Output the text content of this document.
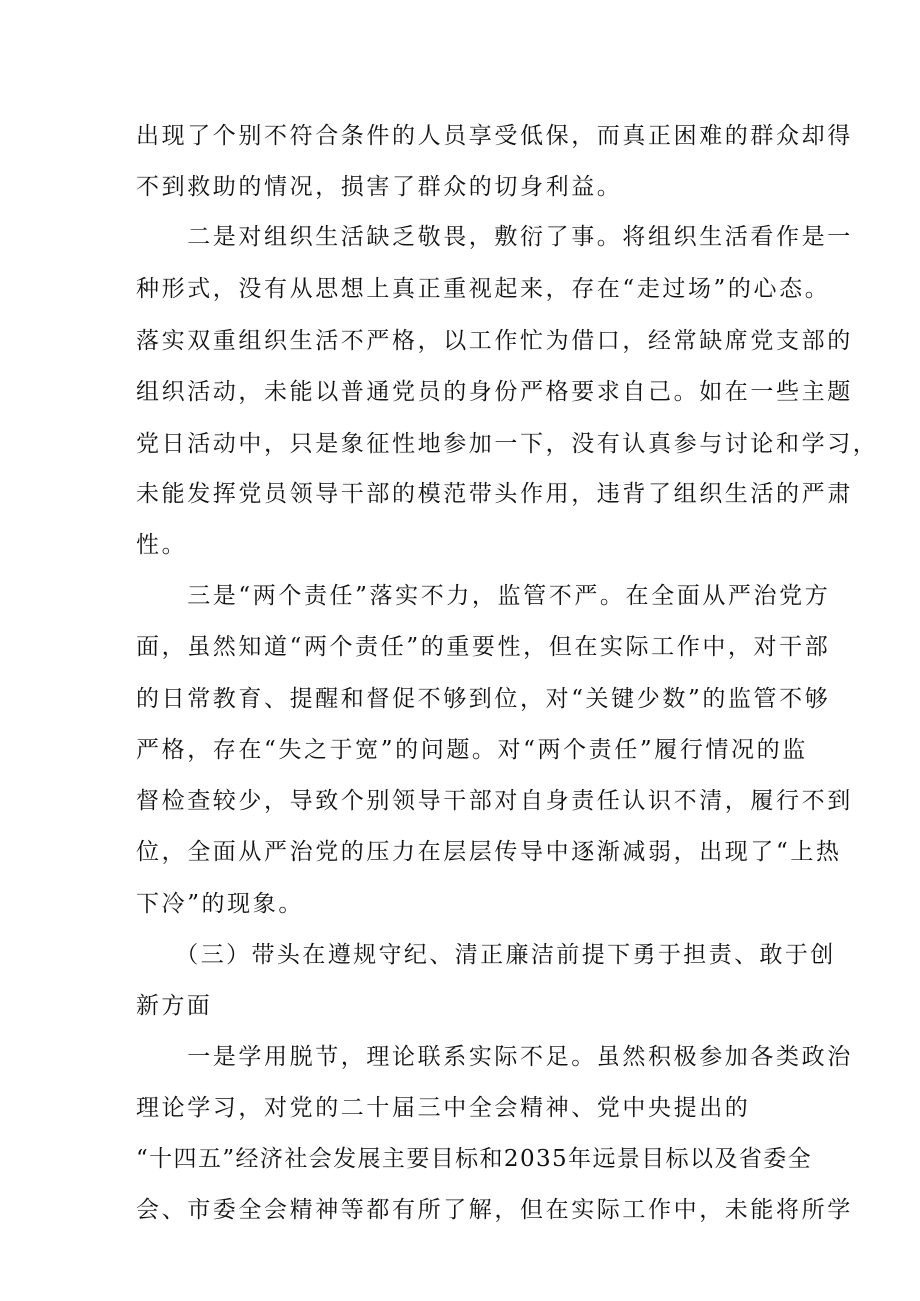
出现了个别不符合条件的人员享受低保，而真正困难的群众却得
不到救助的情况，损害了群众的切身利益。
　　二是对组织生活缺乏敬畏，敷衍了事。将组织生活看作是一
种形式，没有从思想上真正重视起来，存在“走过场”的心态。
落实双重组织生活不严格，以工作忙为借口，经常缺席党支部的
组织活动，未能以普通党员的身份严格要求自己。如在一些主题
党日活动中，只是象征性地参加一下，没有认真参与讨论和学习，
未能发挥党员领导干部的模范带头作用，违背了组织生活的严肃
性。
　　三是“两个责任”落实不力，监管不严。在全面从严治党方
面，虽然知道“两个责任”的重要性，但在实际工作中，对干部
的日常教育、提醒和督促不够到位，对“关键少数”的监管不够
严格，存在“失之于宽”的问题。对“两个责任”履行情况的监
督检查较少，导致个别领导干部对自身责任认识不清，履行不到
位，全面从严治党的压力在层层传导中逐渐减弱，出现了“上热
下冷”的现象。
　　（三）带头在遵规守纪、清正廉洁前提下勇于担责、敢于创
新方面
　　一是学用脱节，理论联系实际不足。虽然积极参加各类政治
理论学习，对党的二十届三中全会精神、党中央提出的
“十四五”经济社会发展主要目标和2035年远景目标以及省委全
会、市委全会精神等都有所了解，但在实际工作中，未能将所学
